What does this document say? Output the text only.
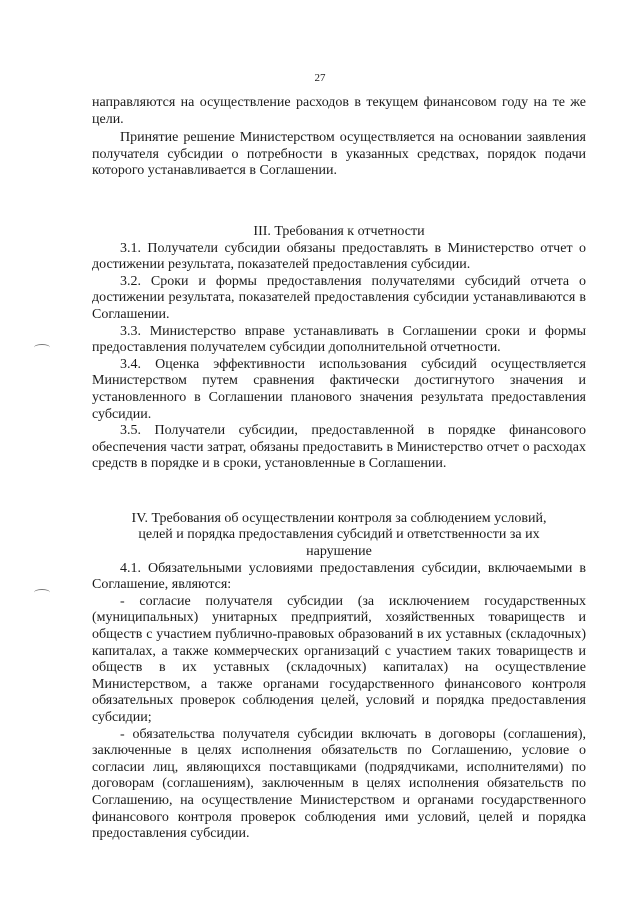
27

направляются на осуществление расходов в текущем финансовом году на те же цели.

Принятие решение Министерством осуществляется на основании заявления получателя субсидии о потребности в указанных средствах, порядок подачи которого устанавливается в Соглашении.

III. Требования к отчетности

3.1. Получатели субсидии обязаны предоставлять в Министерство отчет о достижении результата, показателей предоставления субсидии.

3.2. Сроки и формы предоставления получателями субсидий отчета о достижении результата, показателей предоставления субсидии устанавливаются в Соглашении.

3.3. Министерство вправе устанавливать в Соглашении сроки и формы предоставления получателем субсидии дополнительной отчетности.

3.4. Оценка эффективности использования субсидий осуществляется Министерством путем сравнения фактически достигнутого значения и установленного в Соглашении планового значения результата предоставления субсидии.

3.5. Получатели субсидии, предоставленной в порядке финансового обеспечения части затрат, обязаны предоставить в Министерство отчет о расходах средств в порядке и в сроки, установленные в Соглашении.

IV. Требования об осуществлении контроля за соблюдением условий,

целей и порядка предоставления субсидий и ответственности за их

нарушение

4.1. Обязательными условиями предоставления субсидии, включаемыми в Соглашение, являются:

- согласие получателя субсидии (за исключением государственных (муниципальных) унитарных предприятий, хозяйственных товариществ и обществ с участием публично-правовых образований в их уставных (складочных) капиталах, а также коммерческих организаций с участием таких товариществ и обществ в их уставных (складочных) капиталах) на осуществление Министерством, а также органами государственного финансового контроля обязательных проверок соблюдения целей, условий и порядка предоставления субсидии;

- обязательства получателя субсидии включать в договоры (соглашения), заключенные в целях исполнения обязательств по Соглашению, условие о согласии лиц, являющихся поставщиками (подрядчиками, исполнителями) по договорам (соглашениям), заключенным в целях исполнения обязательств по Соглашению, на осуществление Министерством и органами государственного финансового контроля проверок соблюдения ими условий, целей и порядка предоставления субсидии.
